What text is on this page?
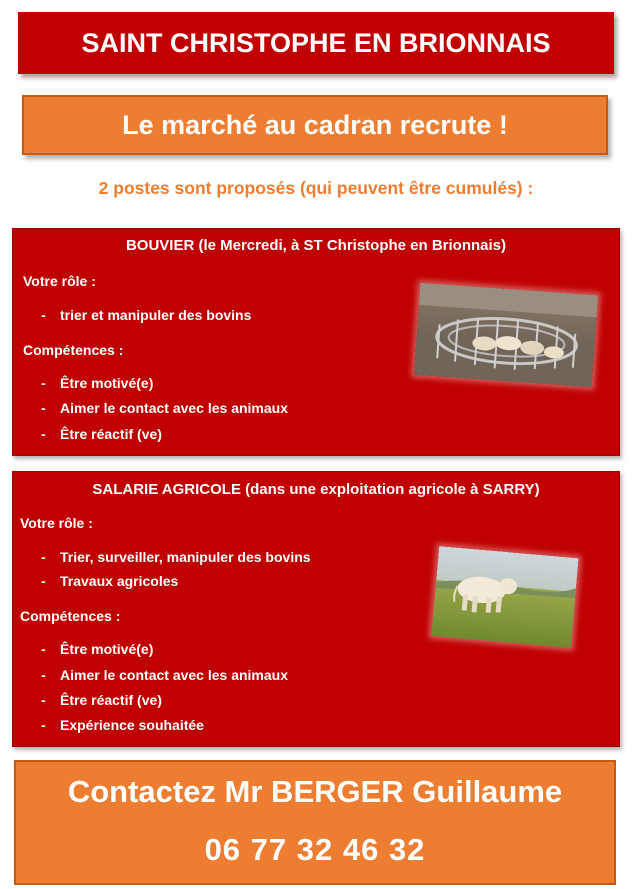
SAINT CHRISTOPHE EN BRIONNAIS
Le marché au cadran recrute !
2 postes sont proposés (qui peuvent être cumulés) :
BOUVIER (le Mercredi, à ST Christophe en Brionnais)
Votre rôle :
- trier et manipuler des bovins
Compétences :
- Être motivé(e)
- Aimer le contact avec les animaux
- Être réactif (ve)
SALARIE AGRICOLE (dans une exploitation agricole à SARRY)
Votre rôle :
- Trier, surveiller, manipuler des bovins
- Travaux agricoles
Compétences :
- Être motivé(e)
- Aimer le contact avec les animaux
- Être réactif (ve)
- Expérience souhaitée
Contactez Mr BERGER Guillaume
06 77 32 46 32
